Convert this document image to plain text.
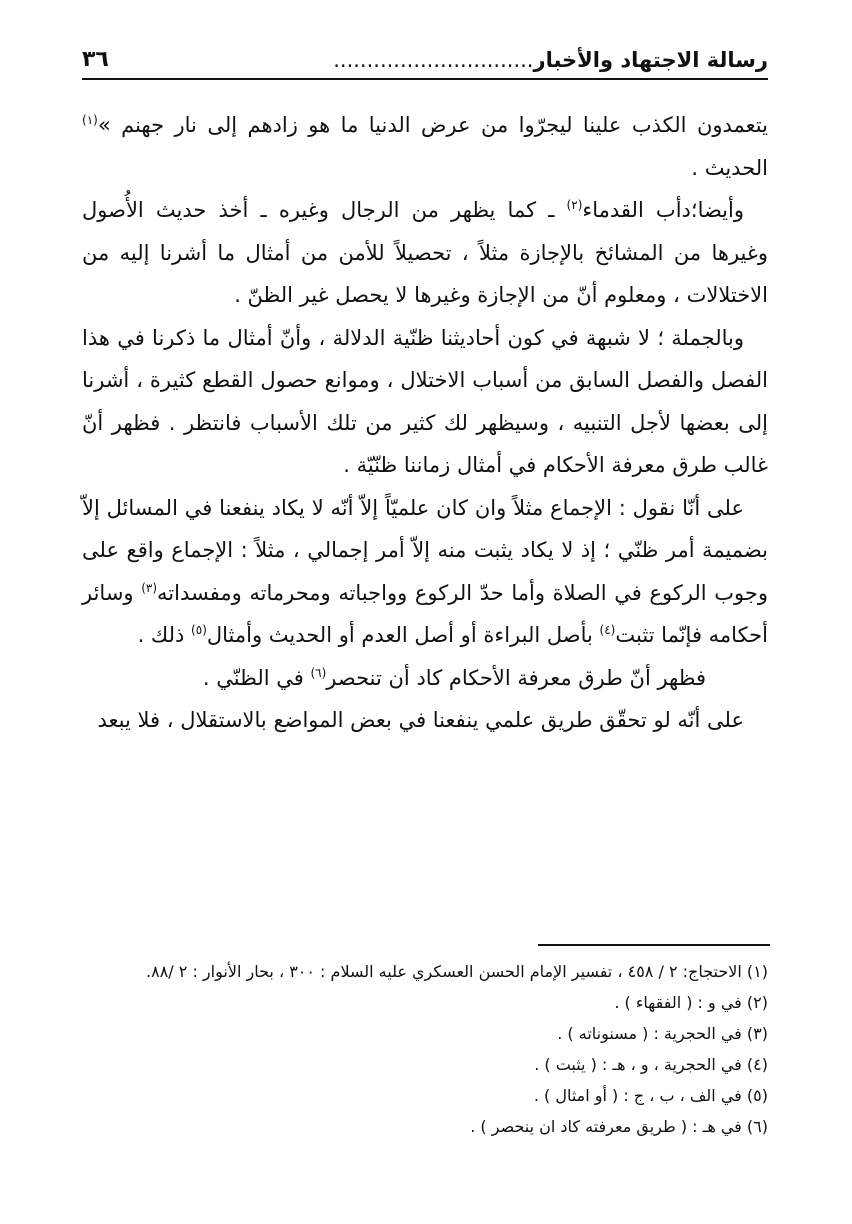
رسالة الاجتهاد والأخبار..............................
٣٦

يتعمدون الكذب علينا ليجرّوا من عرض الدنيا ما هو زادهم إلى نار جهنم »$^{(١)}$ الحديث .

وأيضا؛دأب القدماء$^{(٢)}$ ـ كما يظهر من الرجال وغيره ـ أخذ حديث الأُصول وغيرها من المشائخ بالإجازة مثلاً ، تحصيلاً للأمن من أمثال ما أشرنا إليه من الاختلالات ، ومعلوم أنّ من الإجازة وغيرها لا يحصل غير الظنّ .

وبالجملة ؛ لا شبهة في كون أحاديثنا ظنّية الدلالة ، وأنّ أمثال ما ذكرنا في هذا الفصل والفصل السابق من أسباب الاختلال ، وموانع حصول القطع كثيرة ، أشرنا إلى بعضها لأجل التنبيه ، وسيظهر لك كثير من تلك الأسباب فانتظر . فظهر أنّ غالب طرق معرفة الأحكام في أمثال زماننا ظنّيّة .

على أنّا نقول : الإجماع مثلاً وان كان علميّاً إلاّ أنّه لا يكاد ينفعنا في المسائل إلاّ بضميمة أمر ظنّي ؛ إذ لا يكاد يثبت منه إلاّ أمر إجمالي ، مثلاً : الإجماع واقع على وجوب الركوع في الصلاة وأما حدّ الركوع وواجباته ومحرماته ومفسداته$^{(٣)}$ وسائر أحكامه فإنّما تثبت$^{(٤)}$ بأصل البراءة أو أصل العدم أو الحديث وأمثال$^{(٥)}$ ذلك .

فظهر أنّ طرق معرفة الأحكام كاد أن تنحصر$^{(٦)}$ في الظنّي .

على أنّه لو تحقّق طريق علمي ينفعنا في بعض المواضع بالاستقلال ، فلا يبعد

(١) الاحتجاج: ٢ / ٤٥٨ ، تفسير الإمام الحسن العسكري عليه السلام : ٣٠٠ ، بحار الأنوار : ٢ /٨٨.
(٢) في و : ( الفقهاء ) .
(٣) في الحجرية : ( مسنوناته ) .
(٤) في الحجرية ، و ، هـ : ( يثبت ) .
(٥) في الف ، ب ، ج : ( أو امثال ) .
(٦) في هـ : ( طريق معرفته كاد ان ينحصر ) .
